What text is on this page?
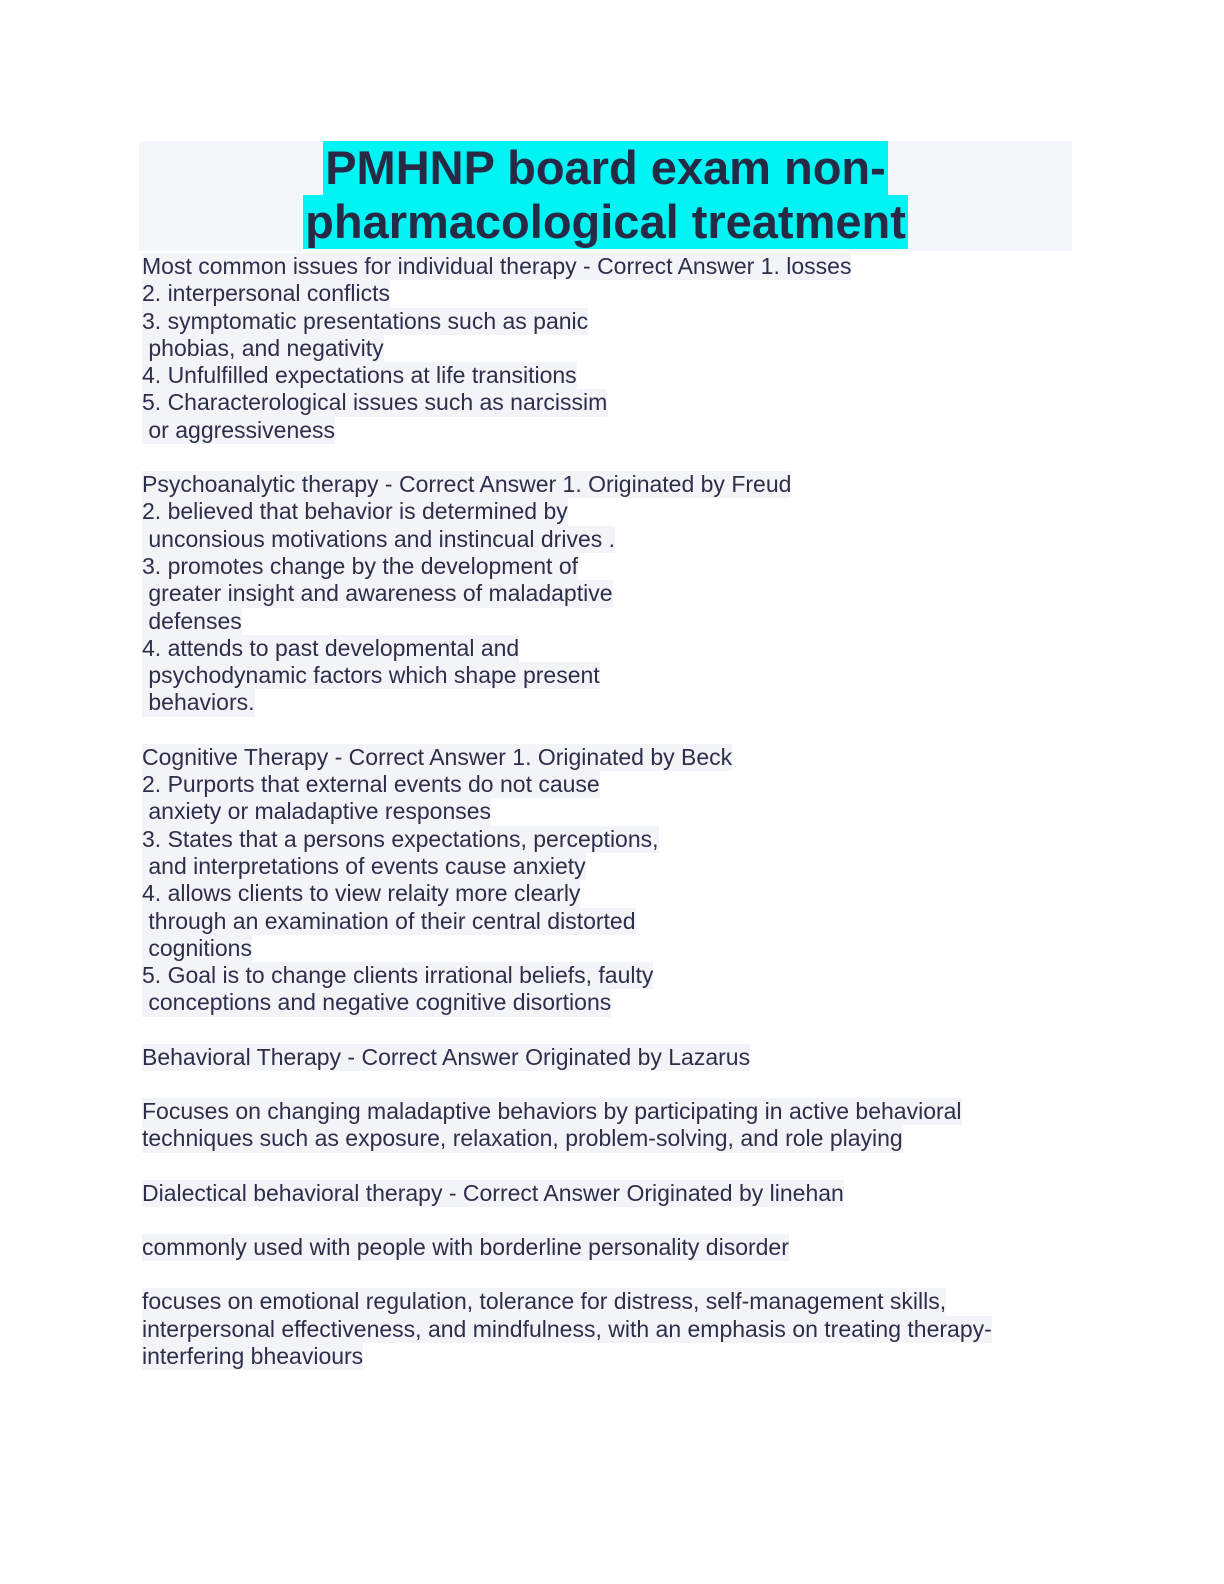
PMHNP board exam non-
pharmacological treatment
Most common issues for individual therapy - Correct Answer 1. losses
2. interpersonal conflicts
3. symptomatic presentations such as panic
phobias, and negativity
4. Unfulfilled expectations at life transitions
5. Characterological issues such as narcissim
or aggressiveness
Psychoanalytic therapy - Correct Answer 1. Originated by Freud
2. believed that behavior is determined by
unconsious motivations and instincual drives .
3. promotes change by the development of
greater insight and awareness of maladaptive
defenses
4. attends to past developmental and
psychodynamic factors which shape present
behaviors.
Cognitive Therapy - Correct Answer 1. Originated by Beck
2. Purports that external events do not cause
anxiety or maladaptive responses
3. States that a persons expectations, perceptions,
and interpretations of events cause anxiety
4. allows clients to view relaity more clearly
through an examination of their central distorted
cognitions
5. Goal is to change clients irrational beliefs, faulty
conceptions and negative cognitive disortions
Behavioral Therapy - Correct Answer Originated by Lazarus
Focuses on changing maladaptive behaviors by participating in active behavioral
techniques such as exposure, relaxation, problem-solving, and role playing
Dialectical behavioral therapy - Correct Answer Originated by linehan
commonly used with people with borderline personality disorder
focuses on emotional regulation, tolerance for distress, self-management skills,
interpersonal effectiveness, and mindfulness, with an emphasis on treating therapy-
interfering bheaviours
